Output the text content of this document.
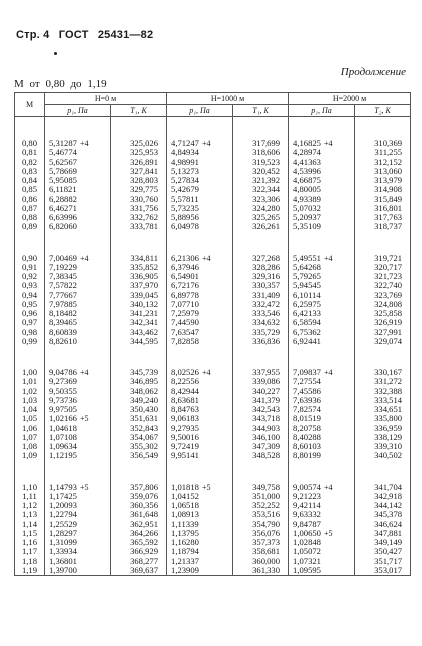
Стр. 4 ГОСТ 25431—82
Продолжение
M от 0,80 до 1,19
M	H=0 м		H=1000 м		H=2000 м	
	p₁, Па	T₁, К	p₁, Па	T₁, К	p₁, Па	T₂, К

0,80	5,31287 +4	325,026	4,71247 +4	317,699	4,16825 +4	310,369
0,81	5,46774	325,953	4,84934	318,606	4,28974	311,255
0,82	5,62567	326,891	4,98991	319,523	4,41363	312,152
0,83	5,78669	327,841	5,13273	320,452	4,53996	313,060
0,84	5,95085	328,803	5,27834	321,392	4,66875	313,979
0,85	6,11821	329,775	5,42679	322,344	4,80005	314,908
0,86	6,28882	330,760	5,57811	323,306	4,93389	315,849
0,87	6,46271	331,756	5,73235	324,280	5,07032	316,801
0,88	6,63996	332,762	5,88956	325,265	5,20937	317,763
0,89	6,82060	333,781	6,04978	326,261	5,35109	318,737

0,90	7,00469 +4	334,811	6,21306 +4	327,268	5,49551 +4	319,721
0,91	7,19229	335,852	6,37946	328,286	5,64268	320,717
0,92	7,38345	336,905	6,54901	329,316	5,79265	321,723
0,93	7,57822	337,970	6,72176	330,357	5,94545	322,740
0,94	7,77667	339,045	6,89778	331,409	6,10114	323,769
0,95	7,97885	340,132	7,07710	332,472	6,25975	324,808
0,96	8,18482	341,231	7,25979	333,546	6,42133	325,858
0,97	8,39465	342,341	7,44590	334,632	6,58594	326,919
0,98	8,60839	343,462	7,63547	335,729	6,75362	327,991
0,99	8,82610	344,595	7,82858	336,836	6,92441	329,074

1,00	9,04786 +4	345,739	8,02526 +4	337,955	7,09837 +4	330,167
1,01	9,27369	346,895	8,22556	339,086	7,27554	331,272
1,02	9,50355	348,062	8,42944	340,227	7,45586	332,388
1,03	9,73736	349,240	8,63681	341,379	7,63936	333,514
1,04	9,97505	350,430	8,84763	342,543	7,82574	334,651
1,05	1,02166 +5	351,631	9,06183	343,718	8,01519	335,800
1,06	1,04618	352,843	9,27935	344,903	8,20758	336,959
1,07	1,07108	354,067	9,50016	346,100	8,40288	338,129
1,08	1,09634	355,302	9,72419	347,309	8,60103	339,310
1,09	1,12195	356,549	9,95141	348,528	8,80199	340,502

1,10	1,14793 +5	357,806	1,01818 +5	349,758	9,00574 +4	341,704
1,11	1,17425	359,076	1,04152	351,000	9,21223	342,918
1,12	1,20093	360,356	1,06518	352,252	9,42114	344,142
1,13	1,22794	361,648	1,08913	353,516	9,63332	345,378
1,14	1,25529	362,951	1,11339	354,790	9,84787	346,624
1,15	1,28297	364,266	1,13795	356,076	1,00650 +5	347,881
1,16	1,31099	365,592	1,16280	357,373	1,02848	349,149
1,17	1,33934	366,929	1,18794	358,681	1,05072	350,427
1,18	1,36801	368,277	1,21337	360,000	1,07321	351,717
1,19	1,39700	369,637	1,23909	361,330	1,09595	353,017
